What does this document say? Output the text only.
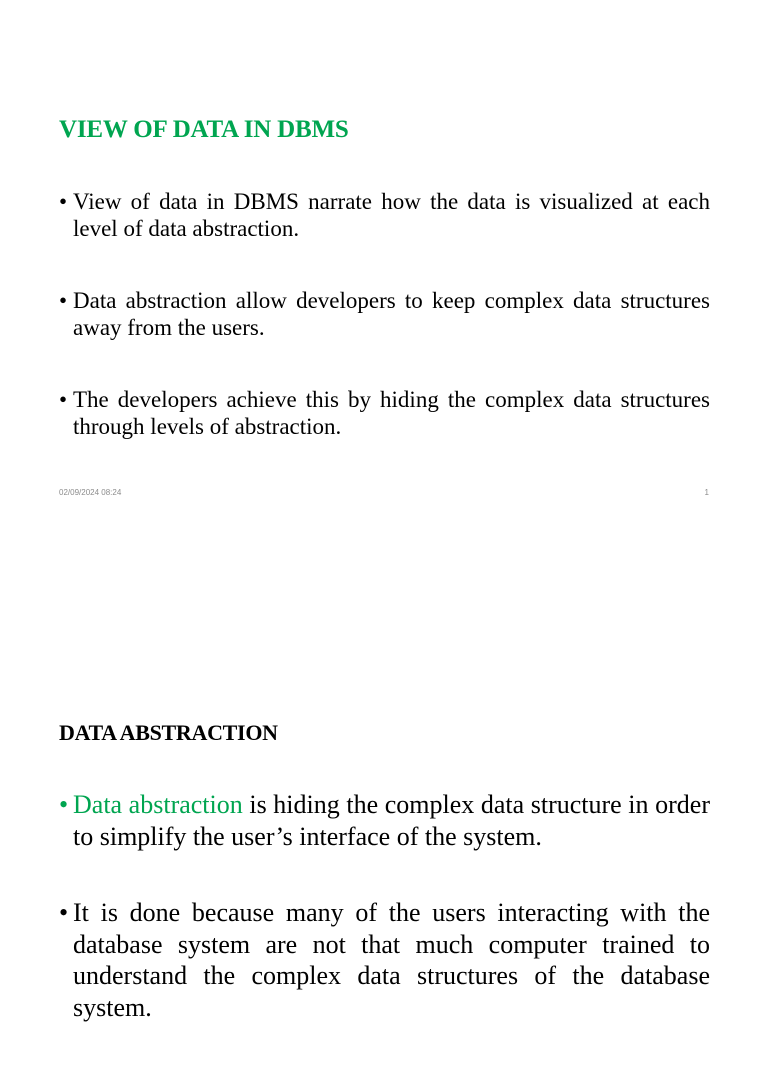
VIEW OF DATA IN DBMS
• View of data in DBMS narrate how the data is visualized at each level of data abstraction.
• Data abstraction allow developers to keep complex data structures away from the users.
• The developers achieve this by hiding the complex data structures through levels of abstraction.
02/09/2024 08:24	1
DATA ABSTRACTION
• Data abstraction is hiding the complex data structure in order to simplify the user’s interface of the system.
• It is done because many of the users interacting with the database system are not that much computer trained to understand the complex data structures of the database system.
